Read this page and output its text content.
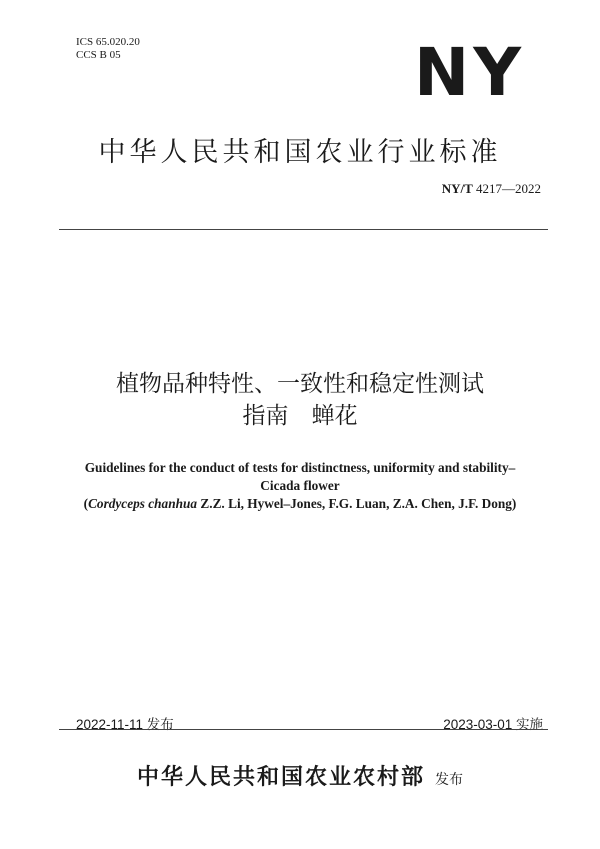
ICS 65.020.20
CCS B 05	NY
中华人民共和国农业行业标准
NY/T 4217—2022
植物品种特性、一致性和稳定性测试
指南　蝉花
Guidelines for the conduct of tests for distinctness, uniformity and stability–
Cicada flower
(Cordyceps chanhua Z.Z. Li, Hywel–Jones, F.G. Luan, Z.A. Chen, J.F. Dong)
2022-11-11 发布	2023-03-01 实施
中华人民共和国农业农村部 发布
